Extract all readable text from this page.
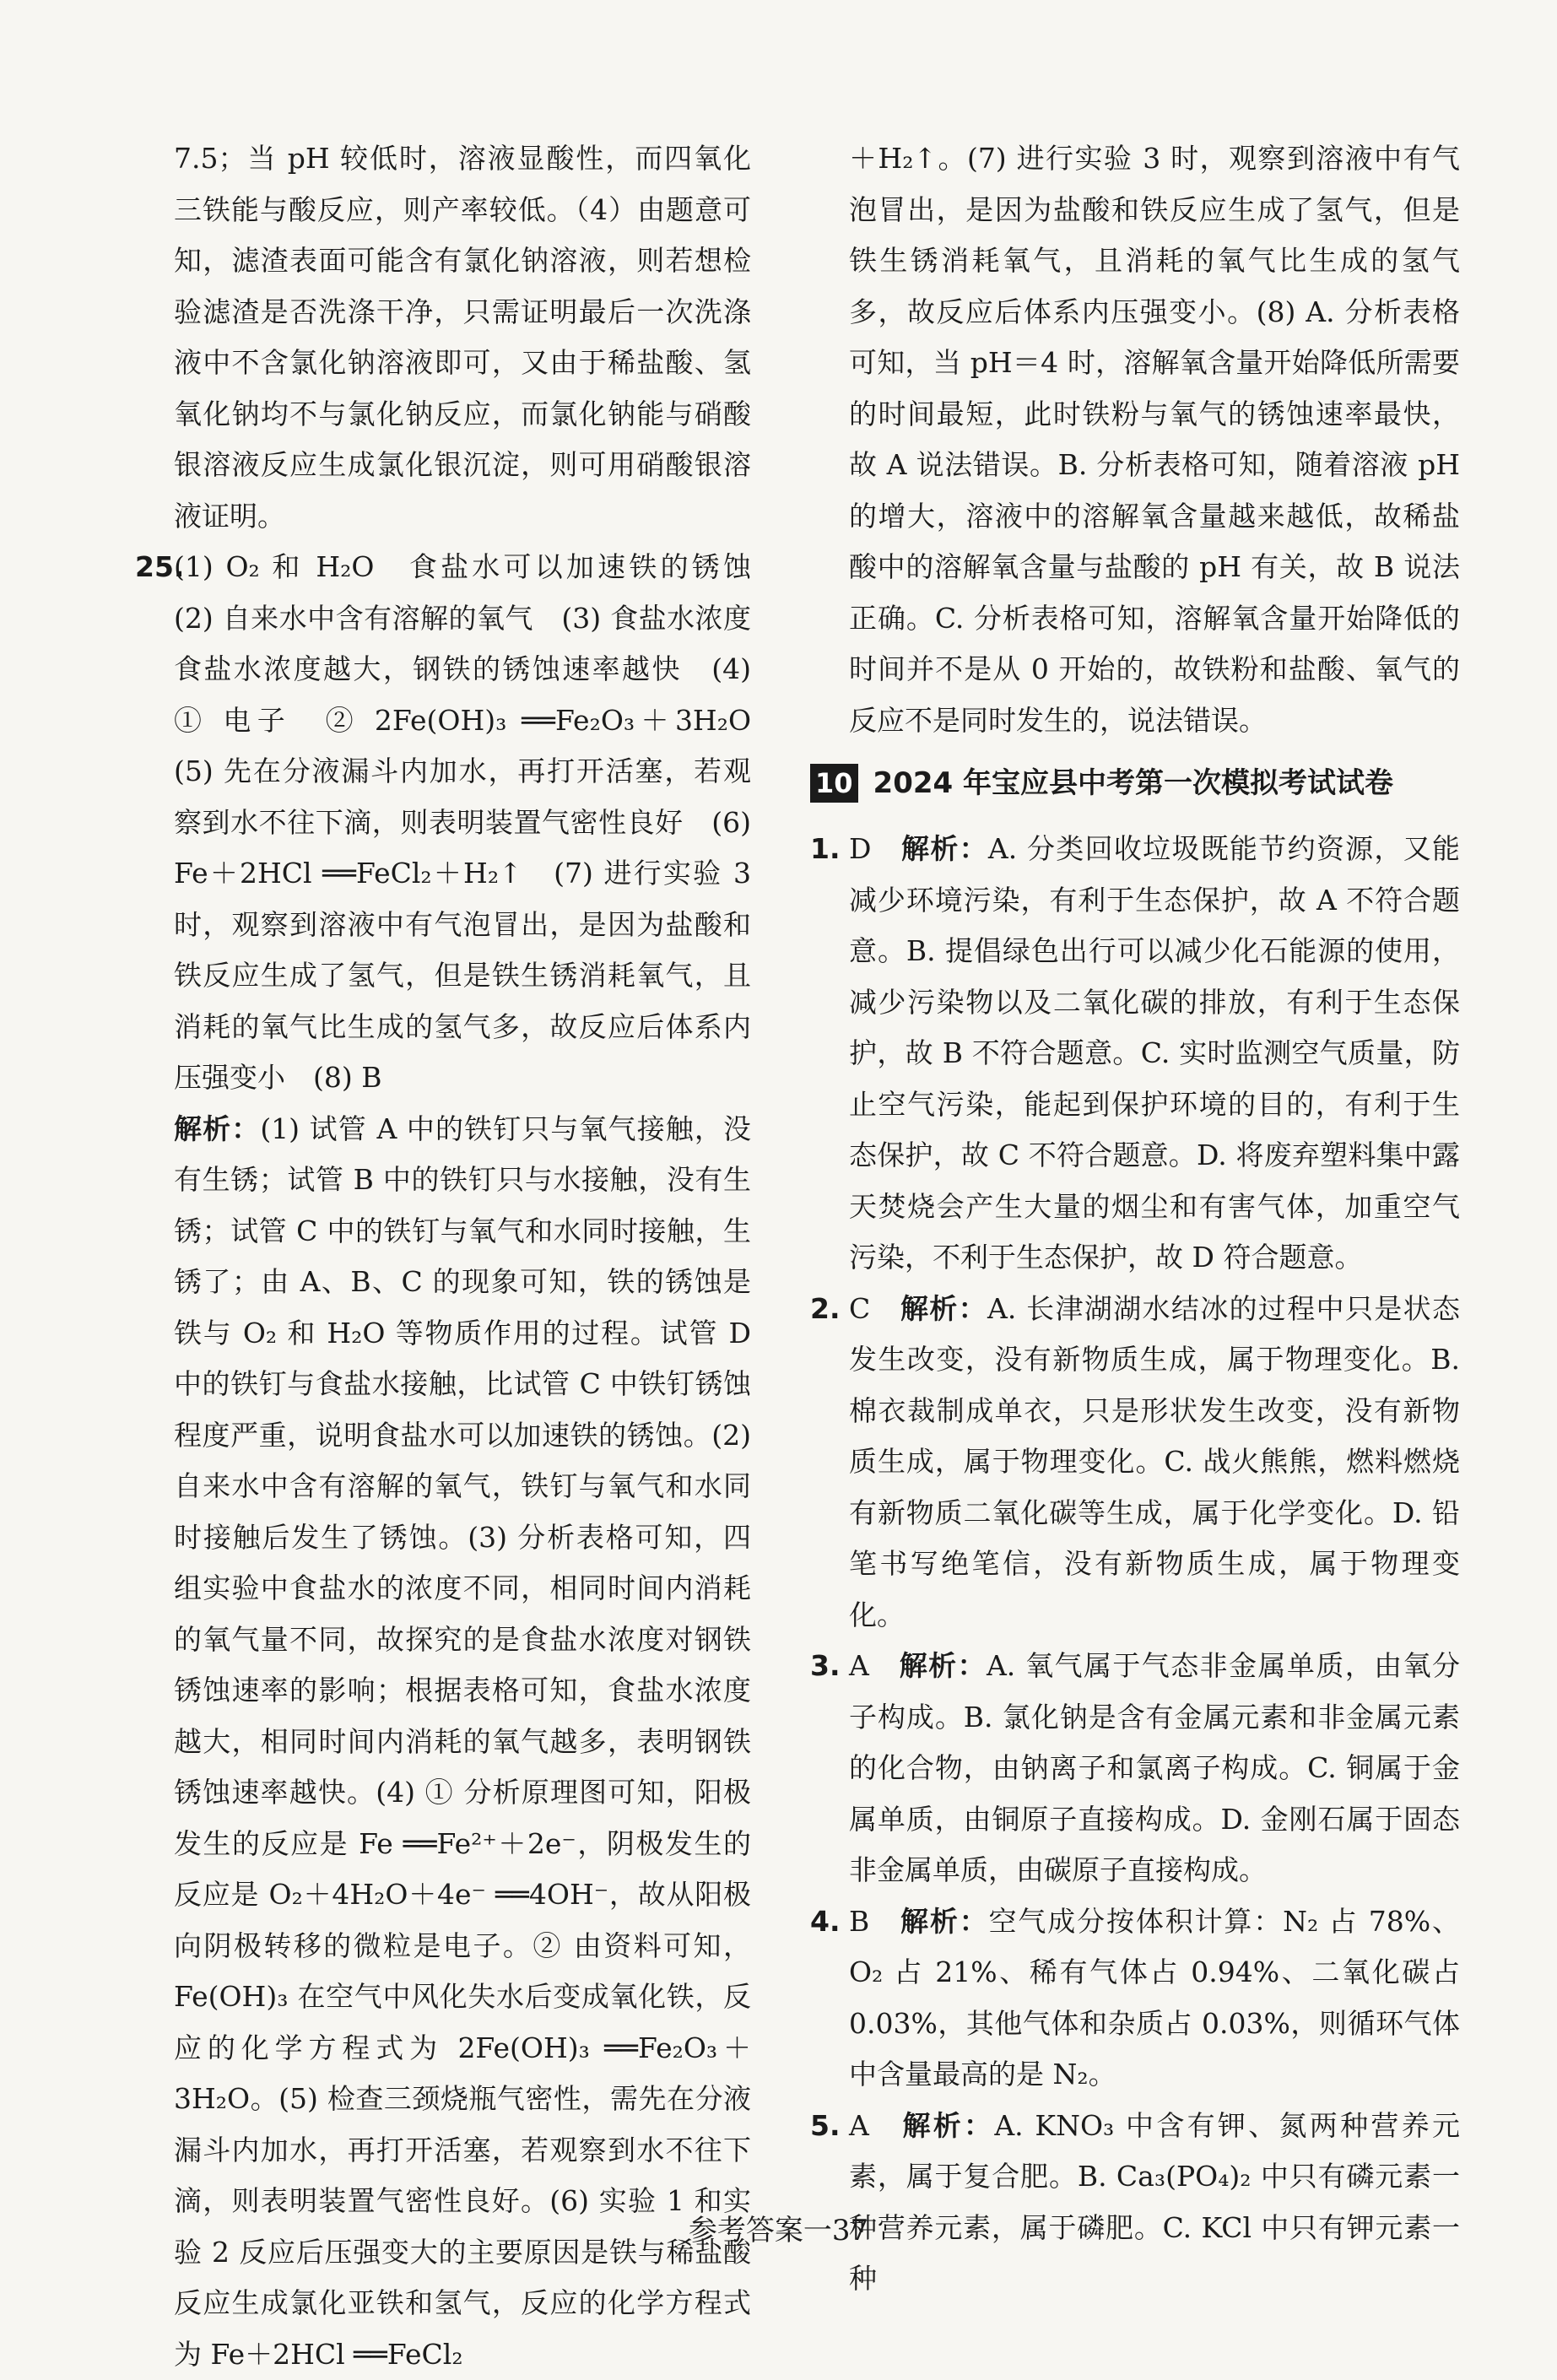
7.5；当 pH 较低时，溶液显酸性，而四氧化三铁能与酸反应，则产率较低。（4）由题意可知，滤渣表面可能含有氯化钠溶液，则若想检验滤渣是否洗涤干净，只需证明最后一次洗涤液中不含氯化钠溶液即可，又由于稀盐酸、氢氧化钠均不与氯化钠反应，而氯化钠能与硝酸银溶液反应生成氯化银沉淀，则可用硝酸银溶液证明。

25.

(1) O₂ 和 H₂O　食盐水可以加速铁的锈蚀　(2) 自来水中含有溶解的氧气　(3) 食盐水浓度　食盐水浓度越大，钢铁的锈蚀速率越快　(4) ① 电子　② 2Fe(OH)₃ ══Fe₂O₃＋3H₂O　(5) 先在分液漏斗内加水，再打开活塞，若观察到水不往下滴，则表明装置气密性良好　(6) Fe＋2HCl ══FeCl₂＋H₂↑　(7) 进行实验 3 时，观察到溶液中有气泡冒出，是因为盐酸和铁反应生成了氢气，但是铁生锈消耗氧气，且消耗的氧气比生成的氢气多，故反应后体系内压强变小　(8) B

解析：(1) 试管 A 中的铁钉只与氧气接触，没有生锈；试管 B 中的铁钉只与水接触，没有生锈；试管 C 中的铁钉与氧气和水同时接触，生锈了；由 A、B、C 的现象可知，铁的锈蚀是铁与 O₂ 和 H₂O 等物质作用的过程。试管 D 中的铁钉与食盐水接触，比试管 C 中铁钉锈蚀程度严重，说明食盐水可以加速铁的锈蚀。(2) 自来水中含有溶解的氧气，铁钉与氧气和水同时接触后发生了锈蚀。(3) 分析表格可知，四组实验中食盐水的浓度不同，相同时间内消耗的氧气量不同，故探究的是食盐水浓度对钢铁锈蚀速率的影响；根据表格可知，食盐水浓度越大，相同时间内消耗的氧气越多，表明钢铁锈蚀速率越快。(4) ① 分析原理图可知，阳极发生的反应是 Fe ══Fe²⁺＋2e⁻，阴极发生的反应是 O₂＋4H₂O＋4e⁻ ══4OH⁻，故从阳极向阴极转移的微粒是电子。② 由资料可知，Fe(OH)₃ 在空气中风化失水后变成氧化铁，反应的化学方程式为 2Fe(OH)₃ ══Fe₂O₃＋3H₂O。(5) 检查三颈烧瓶气密性，需先在分液漏斗内加水，再打开活塞，若观察到水不往下滴，则表明装置气密性良好。(6) 实验 1 和实验 2 反应后压强变大的主要原因是铁与稀盐酸反应生成氯化亚铁和氢气，反应的化学方程式为 Fe＋2HCl ══FeCl₂

＋H₂↑。(7) 进行实验 3 时，观察到溶液中有气泡冒出，是因为盐酸和铁反应生成了氢气，但是铁生锈消耗氧气，且消耗的氧气比生成的氢气多，故反应后体系内压强变小。(8) A. 分析表格可知，当 pH＝4 时，溶解氧含量开始降低所需要的时间最短，此时铁粉与氧气的锈蚀速率最快，故 A 说法错误。B. 分析表格可知，随着溶液 pH 的增大，溶液中的溶解氧含量越来越低，故稀盐酸中的溶解氧含量与盐酸的 pH 有关，故 B 说法正确。C. 分析表格可知，溶解氧含量开始降低的时间并不是从 0 开始的，故铁粉和盐酸、氧气的反应不是同时发生的，说法错误。

10 2024 年宝应县中考第一次模拟考试试卷
1. D　 解析：A. 分类回收垃圾既能节约资源，又能减少环境污染，有利于生态保护，故 A 不符合题意。B. 提倡绿色出行可以减少化石能源的使用，减少污染物以及二氧化碳的排放，有利于生态保护，故 B 不符合题意。C. 实时监测空气质量，防止空气污染，能起到保护环境的目的，有利于生态保护，故 C 不符合题意。D. 将废弃塑料集中露天焚烧会产生大量的烟尘和有害气体，加重空气污染，不利于生态保护，故 D 符合题意。

2. C　 解析：A. 长津湖湖水结冰的过程中只是状态发生改变，没有新物质生成，属于物理变化。B. 棉衣裁制成单衣，只是形状发生改变，没有新物质生成，属于物理变化。C. 战火熊熊，燃料燃烧有新物质二氧化碳等生成，属于化学变化。D. 铅笔书写绝笔信，没有新物质生成，属于物理变化。

3. A　 解析：A. 氧气属于气态非金属单质，由氧分子构成。B. 氯化钠是含有金属元素和非金属元素的化合物，由钠离子和氯离子构成。C. 铜属于金属单质，由铜原子直接构成。D. 金刚石属于固态非金属单质，由碳原子直接构成。

4. B　 解析：空气成分按体积计算：N₂ 占 78%、O₂ 占 21%、稀有气体占 0.94%、二氧化碳占 0.03%，其他气体和杂质占 0.03%，则循环气体中含量最高的是 N₂。

5. A　 解析：A. KNO₃ 中含有钾、氮两种营养元素，属于复合肥。B. Ca₃(PO₄)₂ 中只有磷元素一种营养元素，属于磷肥。C. KCl 中只有钾元素一种

参考答案一37
